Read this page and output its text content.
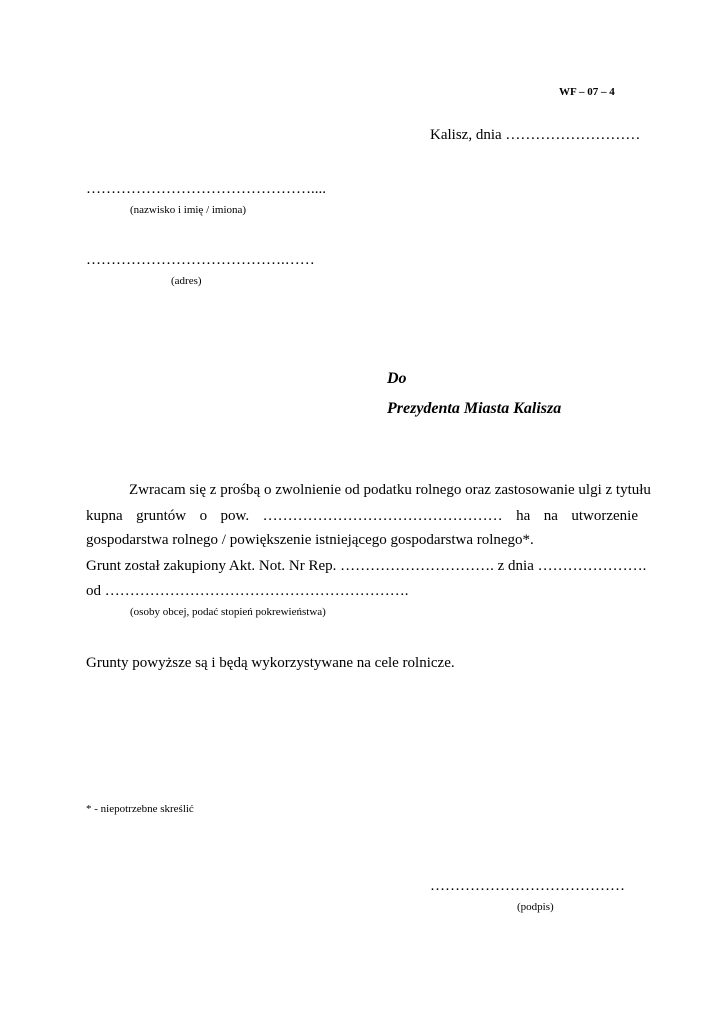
WF – 07 – 4
Kalisz, dnia ………………………
………………………………………....
(nazwisko i imię / imiona)
………………………………….……
(adres)
Do
Prezydenta Miasta Kalisza
Zwracam się z prośbą o zwolnienie od podatku rolnego oraz zastosowanie ulgi z tytułu
kupna gruntów o pow. ………………………………………… ha na utworzenie
gospodarstwa rolnego / powiększenie istniejącego gospodarstwa rolnego*.
Grunt został zakupiony Akt. Not. Nr Rep. …………………………. z dnia ………………….
od …………………………………………………….
(osoby obcej, podać stopień pokrewieństwa)
Grunty powyższe są i będą wykorzystywane na cele rolnicze.
* - niepotrzebne skreślić
…………………………………
(podpis)
